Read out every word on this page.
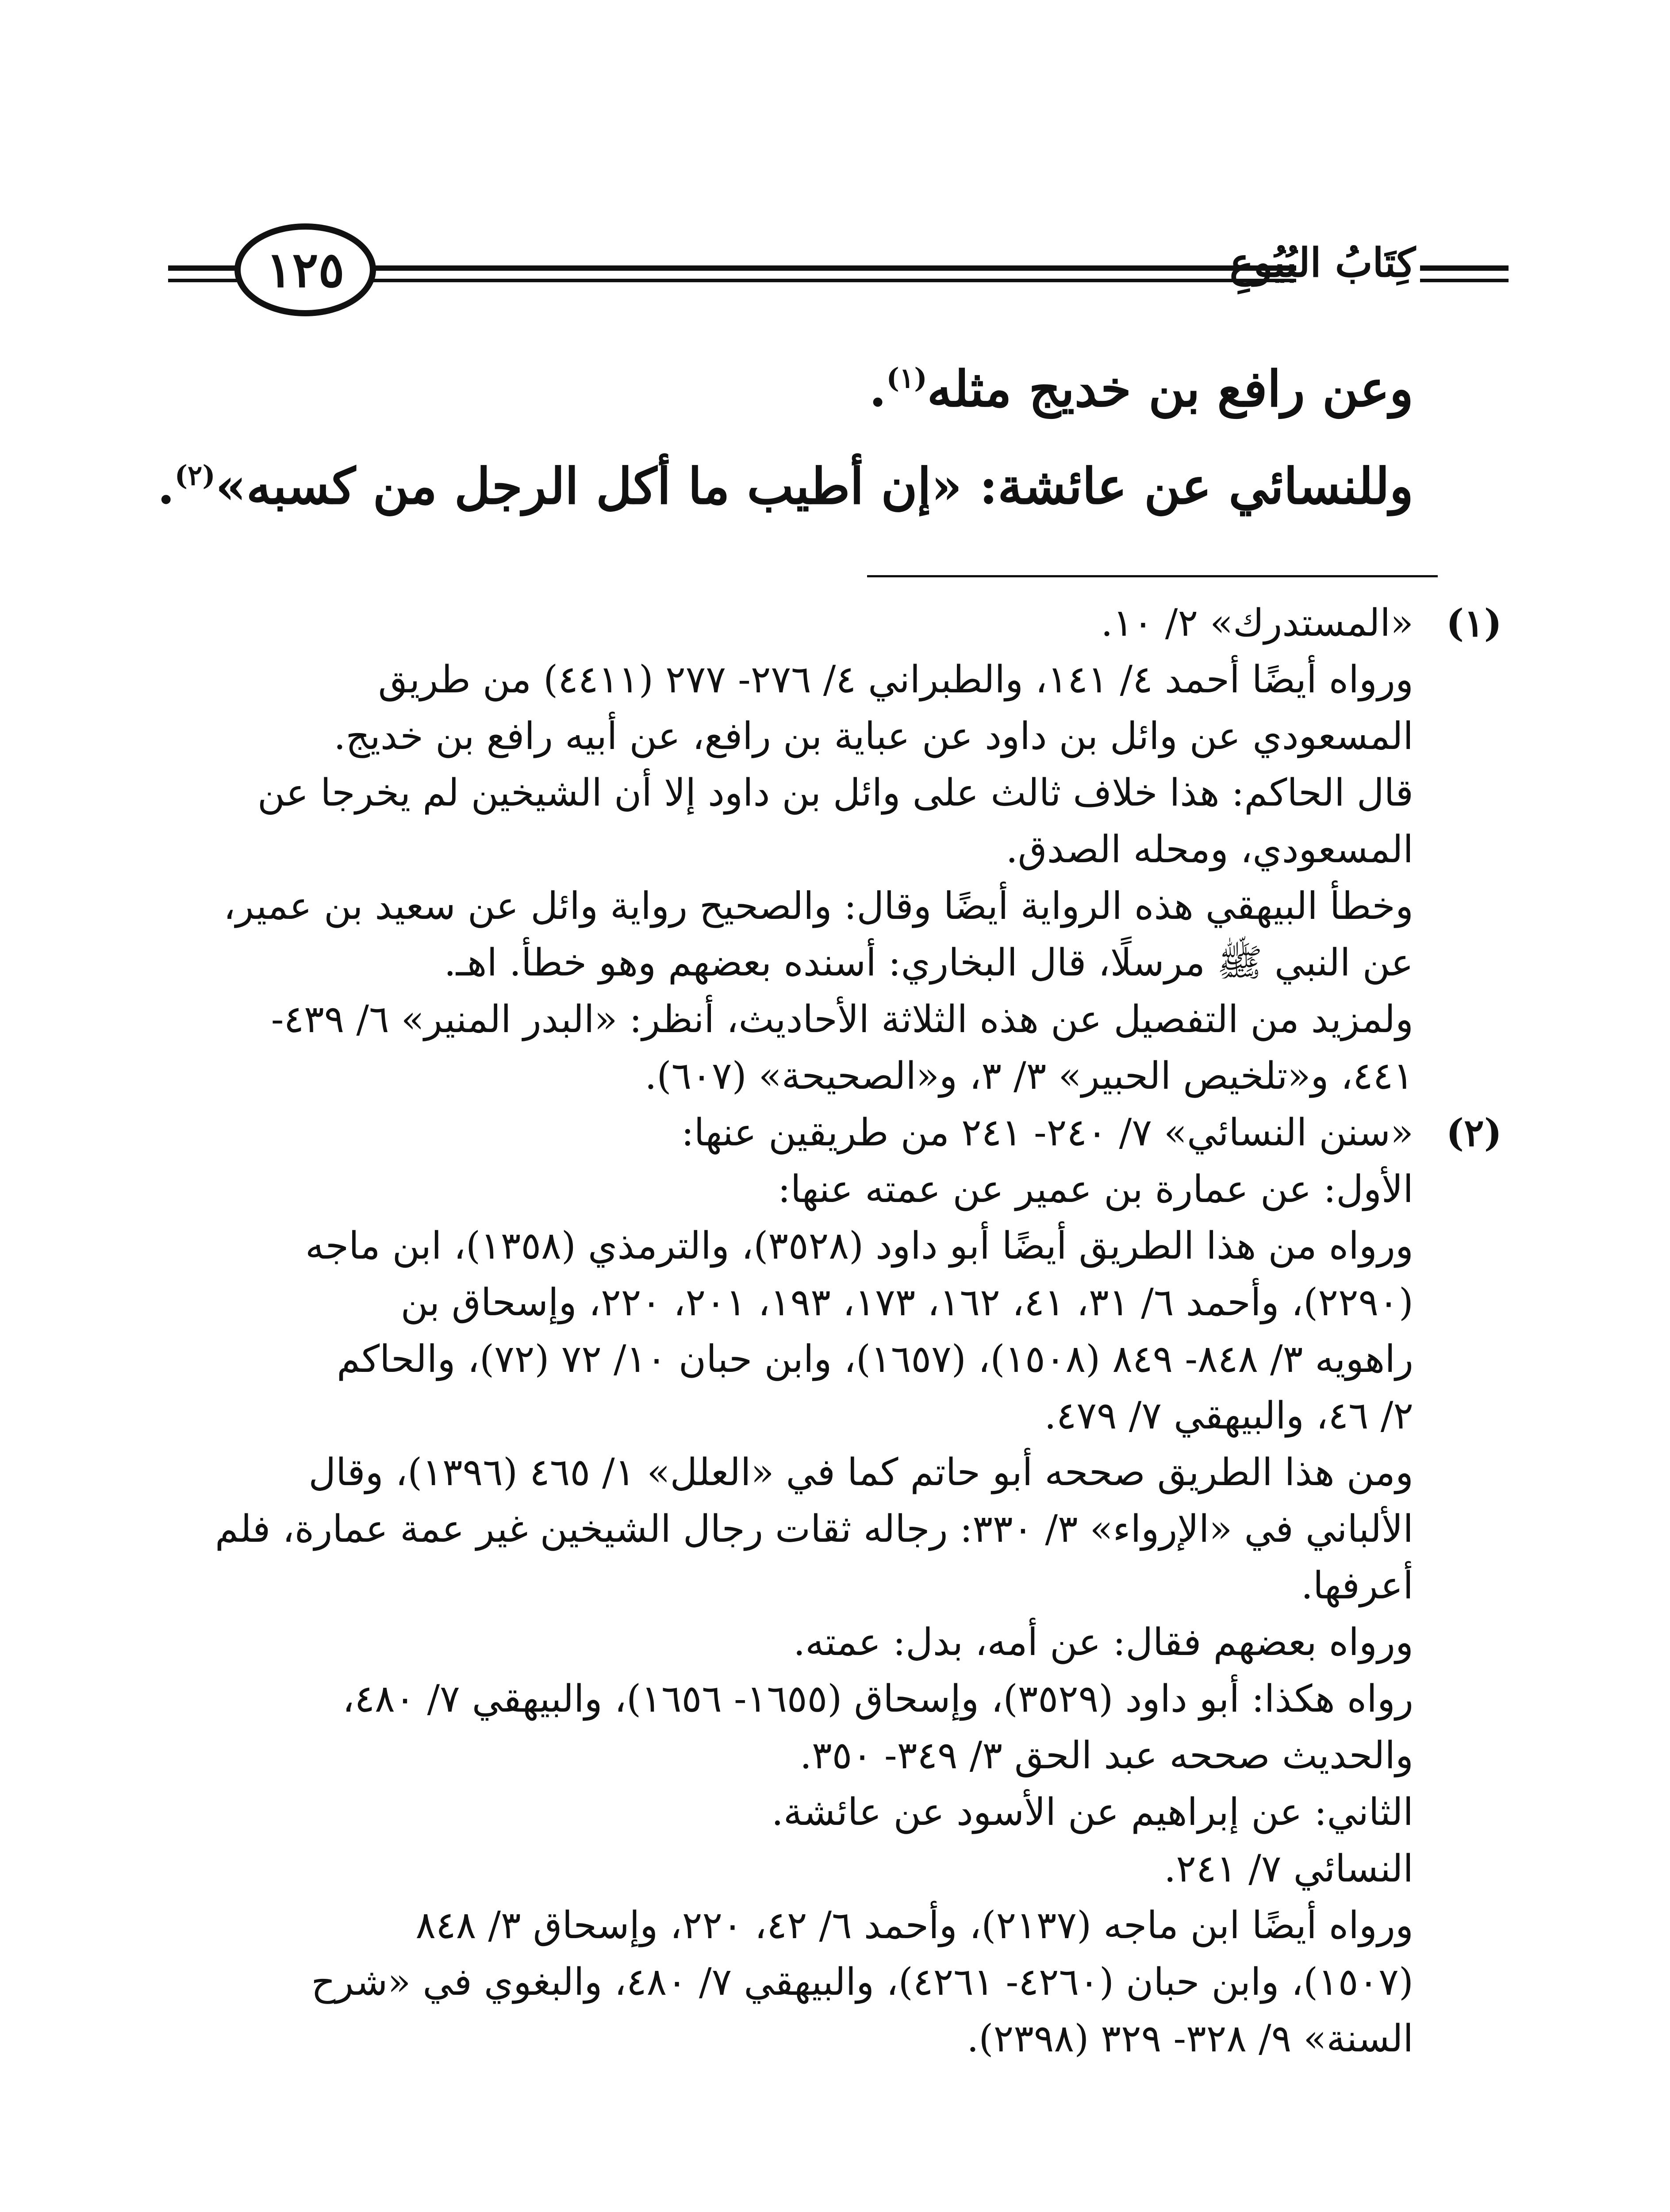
١٢٥	كِتَابُ البُيُوعِ
وعن رافع بن خديج مثله$^{(١)}$.
وللنسائي عن عائشة: «إن أطيب ما أكل الرجل من كسبه»$^{(٢)}$.
(١)
«المستدرك» ٢/ ١٠.
ورواه أيضًا أحمد ٤/ ١٤١، والطبراني ٤/ ٢٧٦- ٢٧٧ (٤٤١١) من طريق
المسعودي عن وائل بن داود عن عباية بن رافع، عن أبيه رافع بن خديج.
قال الحاكم: هذا خلاف ثالث على وائل بن داود إلا أن الشيخين لم يخرجا عن
المسعودي، ومحله الصدق.
وخطأ البيهقي هذه الرواية أيضًا وقال: والصحيح رواية وائل عن سعيد بن عمير،
عن النبي ﷺ مرسلًا، قال البخاري: أسنده بعضهم وهو خطأ. اهـ.
ولمزيد من التفصيل عن هذه الثلاثة الأحاديث، أنظر: «البدر المنير» ٦/ ٤٣٩-
٤٤١، و«تلخيص الحبير» ٣/ ٣، و«الصحيحة» (٦٠٧).
(٢)
«سنن النسائي» ٧/ ٢٤٠- ٢٤١ من طريقين عنها:
الأول: عن عمارة بن عمير عن عمته عنها:
ورواه من هذا الطريق أيضًا أبو داود (٣٥٢٨)، والترمذي (١٣٥٨)، ابن ماجه
(٢٢٩٠)، وأحمد ٦/ ٣١، ٤١، ١٦٢، ١٧٣، ١٩٣، ٢٠١، ٢٢٠، وإسحاق بن
راهويه ٣/ ٨٤٨- ٨٤٩ (١٥٠٨)، (١٦٥٧)، وابن حبان ١٠/ ٧٢ (٧٢)، والحاكم
٢/ ٤٦، والبيهقي ٧/ ٤٧٩.
ومن هذا الطريق صححه أبو حاتم كما في «العلل» ١/ ٤٦٥ (١٣٩٦)، وقال
الألباني في «الإرواء» ٣/ ٣٣٠: رجاله ثقات رجال الشيخين غير عمة عمارة، فلم
أعرفها.
ورواه بعضهم فقال: عن أمه، بدل: عمته.
رواه هكذا: أبو داود (٣٥٢٩)، وإسحاق (١٦٥٥- ١٦٥٦)، والبيهقي ٧/ ٤٨٠،
والحديث صححه عبد الحق ٣/ ٣٤٩- ٣٥٠.
الثاني: عن إبراهيم عن الأسود عن عائشة.
النسائي ٧/ ٢٤١.
ورواه أيضًا ابن ماجه (٢١٣٧)، وأحمد ٦/ ٤٢، ٢٢٠، وإسحاق ٣/ ٨٤٨
(١٥٠٧)، وابن حبان (٤٢٦٠- ٤٢٦١)، والبيهقي ٧/ ٤٨٠، والبغوي في «شرح
السنة» ٩/ ٣٢٨- ٣٢٩ (٢٣٩٨).
